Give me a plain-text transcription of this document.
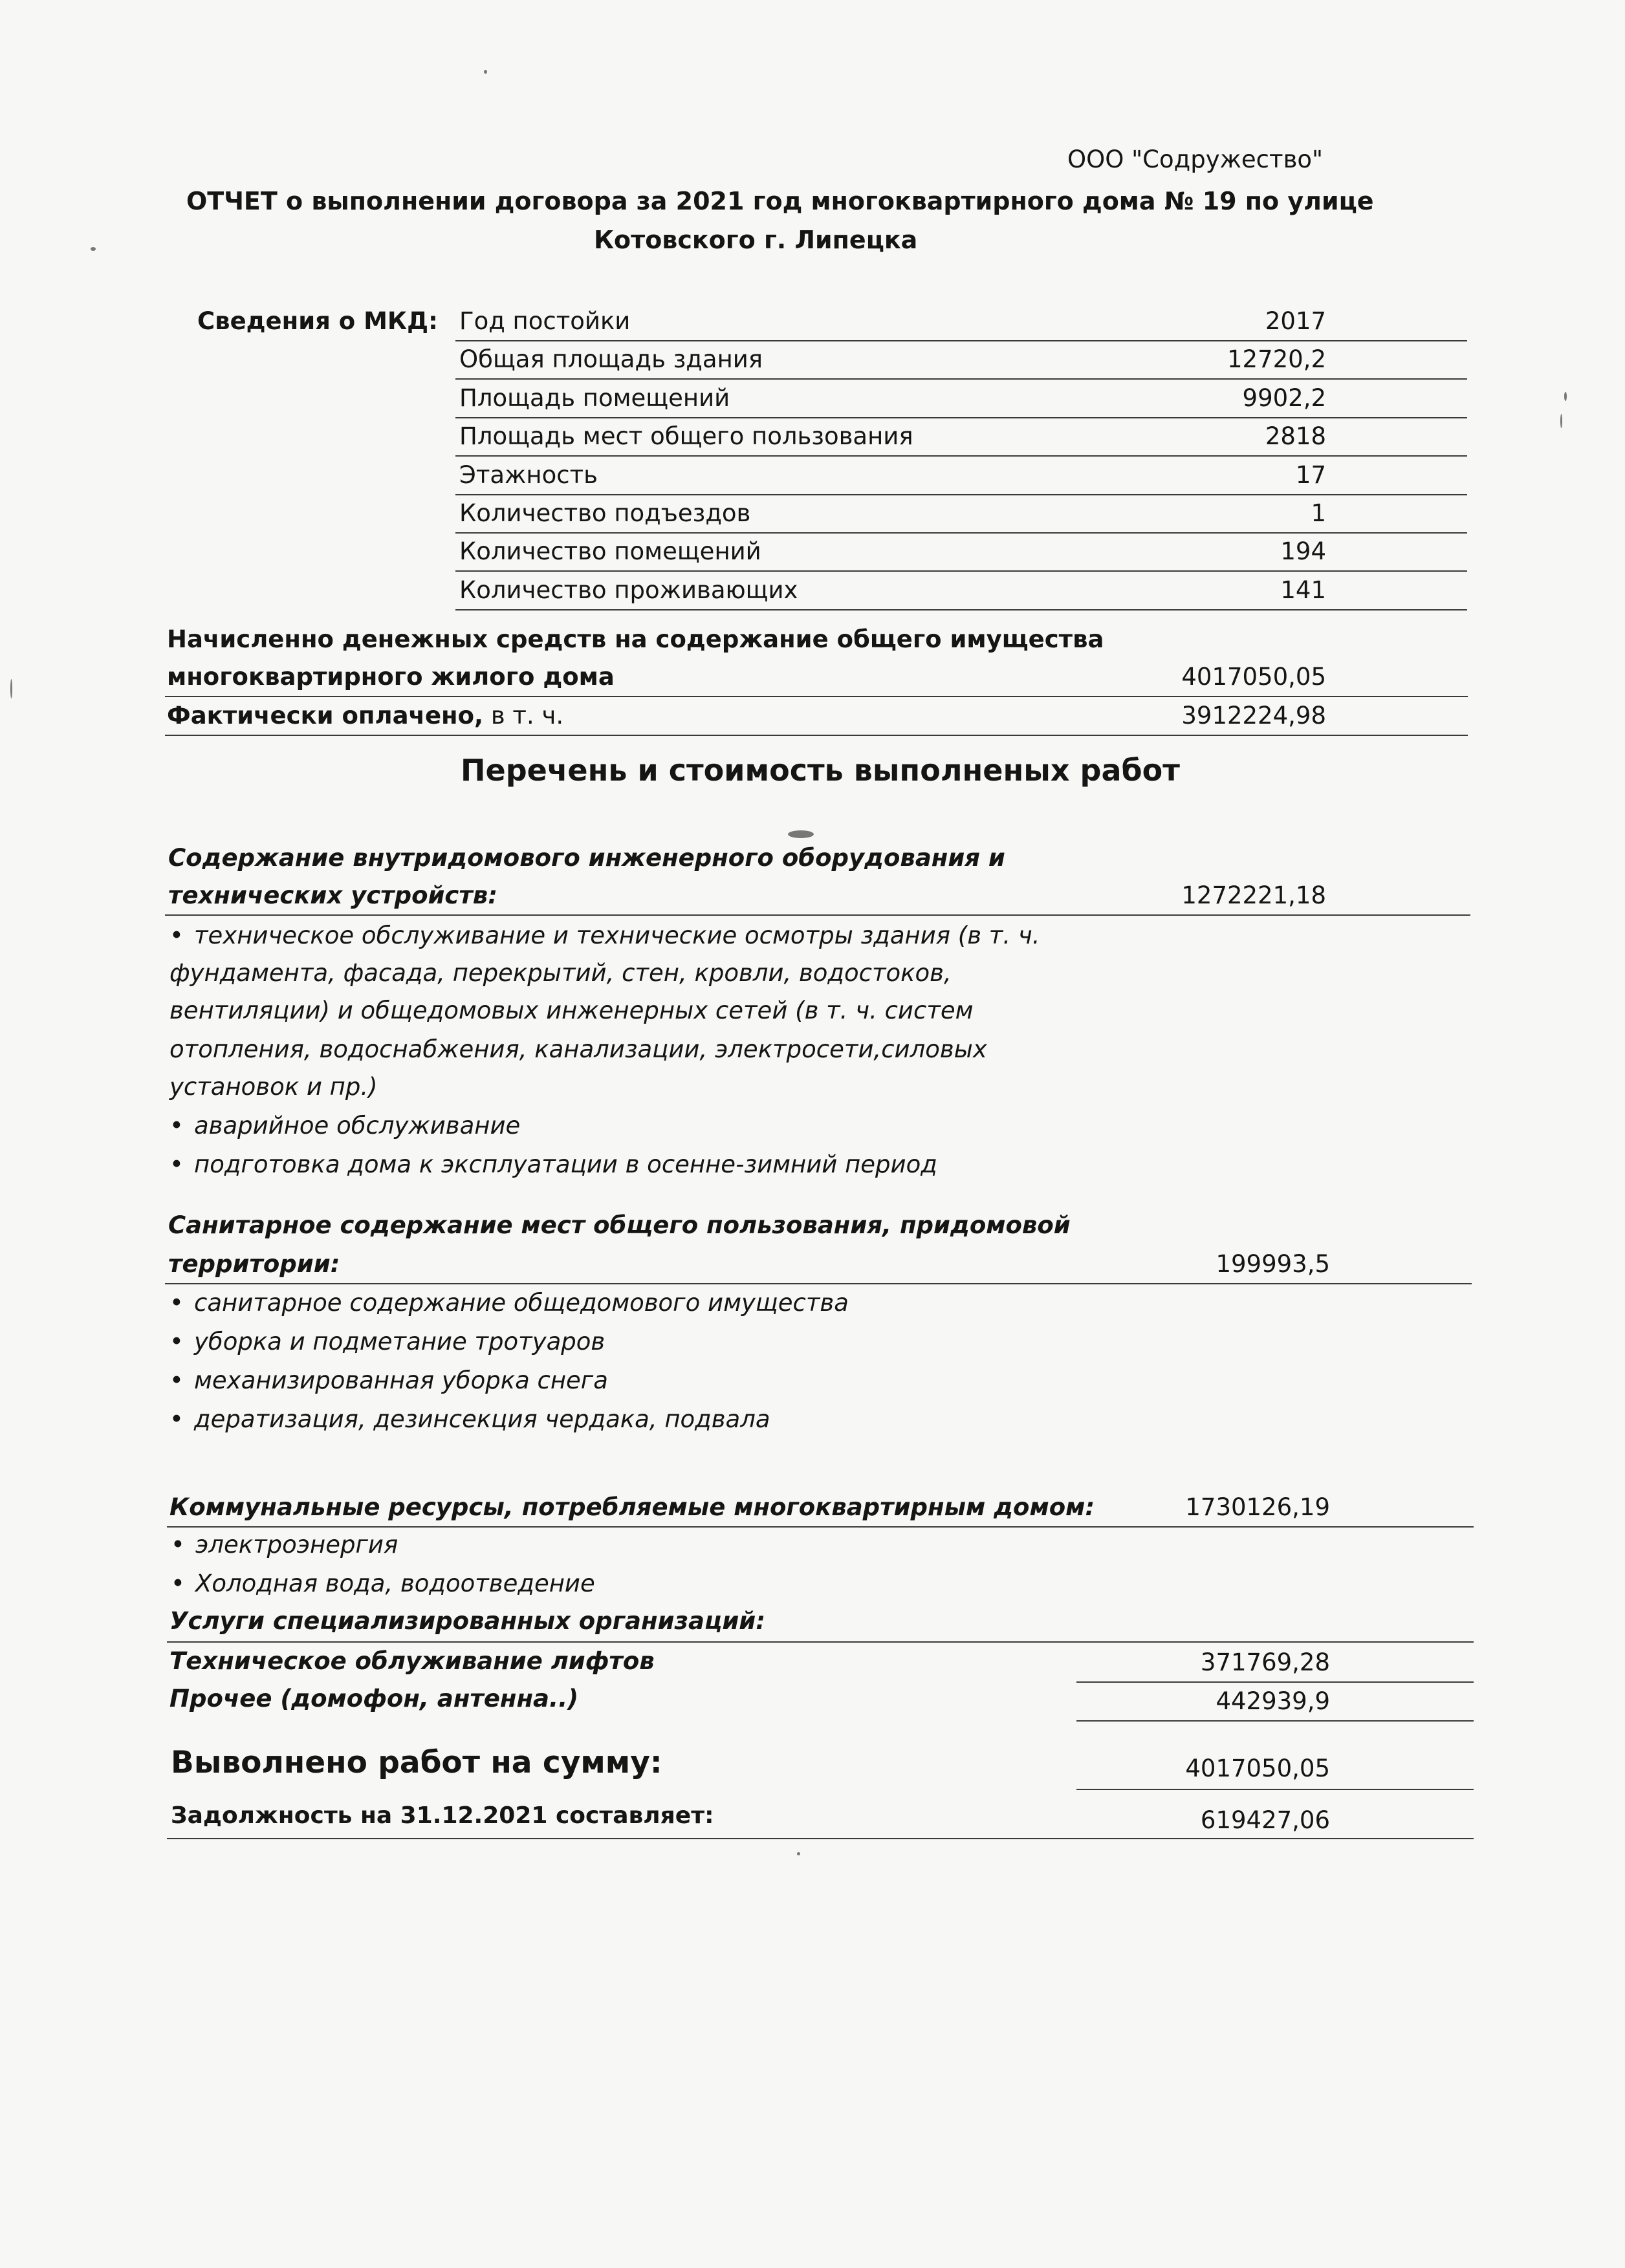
ООО "Содружество"
ОТЧЕТ о выполнении договора за 2021 год многоквартирного дома № 19 по улице
Котовского г. Липецка
Сведения о МКД: Год постойки	2017
Общая площадь здания	12720,2
Площадь помещений	9902,2
Площадь мест общего пользования	2818
Этажность	17
Количество подъездов	1
Количество помещений	194
Количество проживающих	141
Начисленно денежных средств на содержание общего имущества
многоквартирного жилого дома	4017050,05
Фактически оплачено, в т. ч.	3912224,98
Перечень и стоимость выполненых работ
Содержание внутридомового инженерного оборудования и
технических устройств:	1272221,18
• техническое обслуживание и технические осмотры здания (в т. ч.
фундамента, фасада, перекрытий, стен, кровли, водостоков,
вентиляции) и общедомовых инженерных сетей (в т. ч. систем
отопления, водоснабжения, канализации, электросети,силовых
установок и пр.)
• аварийное обслуживание
• подготовка дома к эксплуатации в осенне-зимний период
Санитарное содержание мест общего пользования, придомовой
территории:	199993,5
• санитарное содержание общедомового имущества
• уборка и подметание тротуаров
• механизированная уборка снега
• дератизация, дезинсекция чердака, подвала
Коммунальные ресурсы, потребляемые многоквартирным домом:	1730126,19
• электроэнергия
• Холодная вода, водоотведение
Услуги специализированных организаций:
Техническое облуживание лифтов	371769,28
Прочее (домофон, антенна..)	442939,9
Выволнено работ на сумму:	4017050,05
Задолжность на 31.12.2021 составляет:	619427,06
